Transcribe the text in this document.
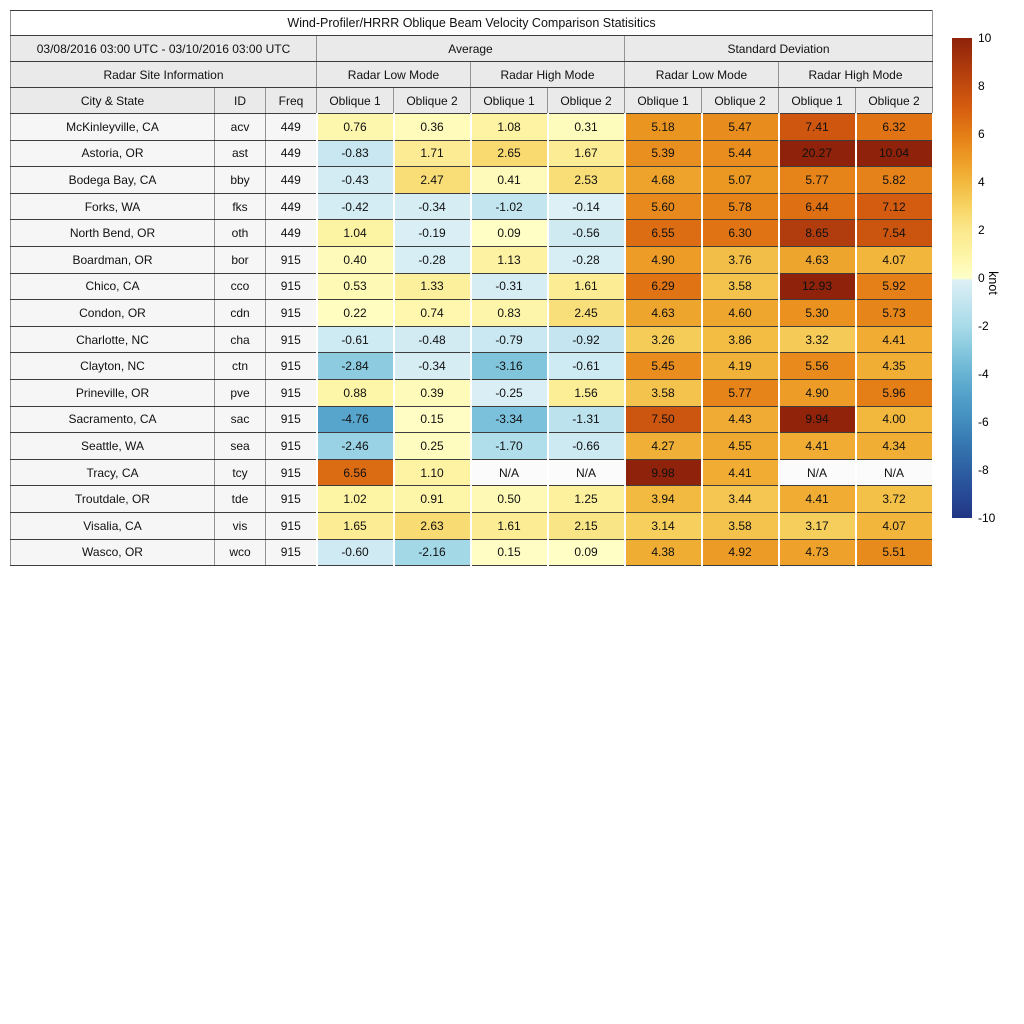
Wind-Profiler/HRRR Oblique Beam Velocity Comparison Statisitics										
03/08/2016 03:00 UTC - 03/10/2016 03:00 UTC			Average				Standard Deviation			
Radar Site Information			Radar Low Mode		Radar High Mode		Radar Low Mode		Radar High Mode	
City & State	ID	Freq	Oblique 1	Oblique 2	Oblique 1	Oblique 2	Oblique 1	Oblique 2	Oblique 1	Oblique 2
McKinleyville, CA	acv	449	0.76	0.36	1.08	0.31	5.18	5.47	7.41	6.32
Astoria, OR	ast	449	-0.83	1.71	2.65	1.67	5.39	5.44	20.27	10.04
Bodega Bay, CA	bby	449	-0.43	2.47	0.41	2.53	4.68	5.07	5.77	5.82
Forks, WA	fks	449	-0.42	-0.34	-1.02	-0.14	5.60	5.78	6.44	7.12
North Bend, OR	oth	449	1.04	-0.19	0.09	-0.56	6.55	6.30	8.65	7.54
Boardman, OR	bor	915	0.40	-0.28	1.13	-0.28	4.90	3.76	4.63	4.07
Chico, CA	cco	915	0.53	1.33	-0.31	1.61	6.29	3.58	12.93	5.92
Condon, OR	cdn	915	0.22	0.74	0.83	2.45	4.63	4.60	5.30	5.73
Charlotte, NC	cha	915	-0.61	-0.48	-0.79	-0.92	3.26	3.86	3.32	4.41
Clayton, NC	ctn	915	-2.84	-0.34	-3.16	-0.61	5.45	4.19	5.56	4.35
Prineville, OR	pve	915	0.88	0.39	-0.25	1.56	3.58	5.77	4.90	5.96
Sacramento, CA	sac	915	-4.76	0.15	-3.34	-1.31	7.50	4.43	9.94	4.00
Seattle, WA	sea	915	-2.46	0.25	-1.70	-0.66	4.27	4.55	4.41	4.34
Tracy, CA	tcy	915	6.56	1.10	N/A	N/A	9.98	4.41	N/A	N/A
Troutdale, OR	tde	915	1.02	0.91	0.50	1.25	3.94	3.44	4.41	3.72
Visalia, CA	vis	915	1.65	2.63	1.61	2.15	3.14	3.58	3.17	4.07
Wasco, OR	wco	915	-0.60	-2.16	0.15	0.09	4.38	4.92	4.73	5.51
10
8
6
4
2
0
-2
-4
-6
-8
-10
knot
